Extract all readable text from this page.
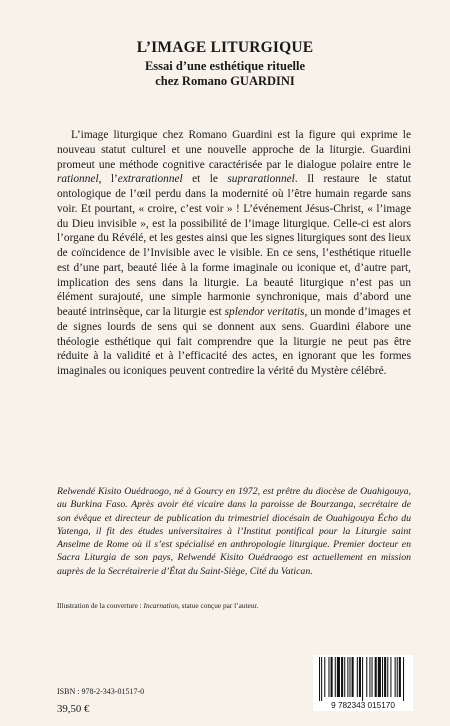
L’IMAGE LITURGIQUE
Essai d’une esthétique rituelle
chez Romano GUARDINI

L’image liturgique chez Romano Guardini est la figure qui exprime le nouveau statut culturel et une nouvelle approche de la liturgie. Guardini promeut une méthode cognitive caractérisée par le dialogue polaire entre le rationnel, l’extrarationnel et le suprarationnel. Il restaure le statut ontologique de l’œil perdu dans la modernité où l’être humain regarde sans voir. Et pourtant, « croire, c’est voir » ! L’événement Jésus-Christ, « l’image du Dieu invisible », est la possibilité de l’image liturgique. Celle-ci est alors l’organe du Révélé, et les gestes ainsi que les signes liturgiques sont des lieux de coïncidence de l’Invisible avec le visible. En ce sens, l’esthétique rituelle est d’une part, beauté liée à la forme imaginale ou iconique et, d’autre part, implication des sens dans la liturgie. La beauté liturgique n’est pas un élément surajouté, une simple harmonie synchronique, mais d’abord une beauté intrinsèque, car la liturgie est splendor veritatis, un monde d’images et de signes lourds de sens qui se donnent aux sens. Guardini élabore une théologie esthétique qui fait comprendre que la liturgie ne peut pas être réduite à la validité et à l’efficacité des actes, en ignorant que les formes imaginales ou iconiques peuvent contredire la vérité du Mystère célébré.

Relwendé Kisito Ouédraogo, né à Gourcy en 1972, est prêtre du diocèse de Ouahigouya, au Burkina Faso. Après avoir été vicaire dans la paroisse de Bourzanga, secrétaire de son évêque et directeur de publication du trimestriel diocésain de Ouahigouya Écho du Yatenga, il fit des études universitaires à l’Institut pontifical pour la Liturgie saint Anselme de Rome où il s’est spécialisé en anthropologie liturgique. Premier docteur en Sacra Liturgia de son pays, Relwendé Kisito Ouédraogo est actuellement en mission auprès de la Secrétairerie d’État du Saint-Siège, Cité du Vatican.

Illustration de la couverture : Incarnation, statue conçue par l’auteur.
ISBN : 978-2-343-01517-0
39,50 €	9 782343 015170
